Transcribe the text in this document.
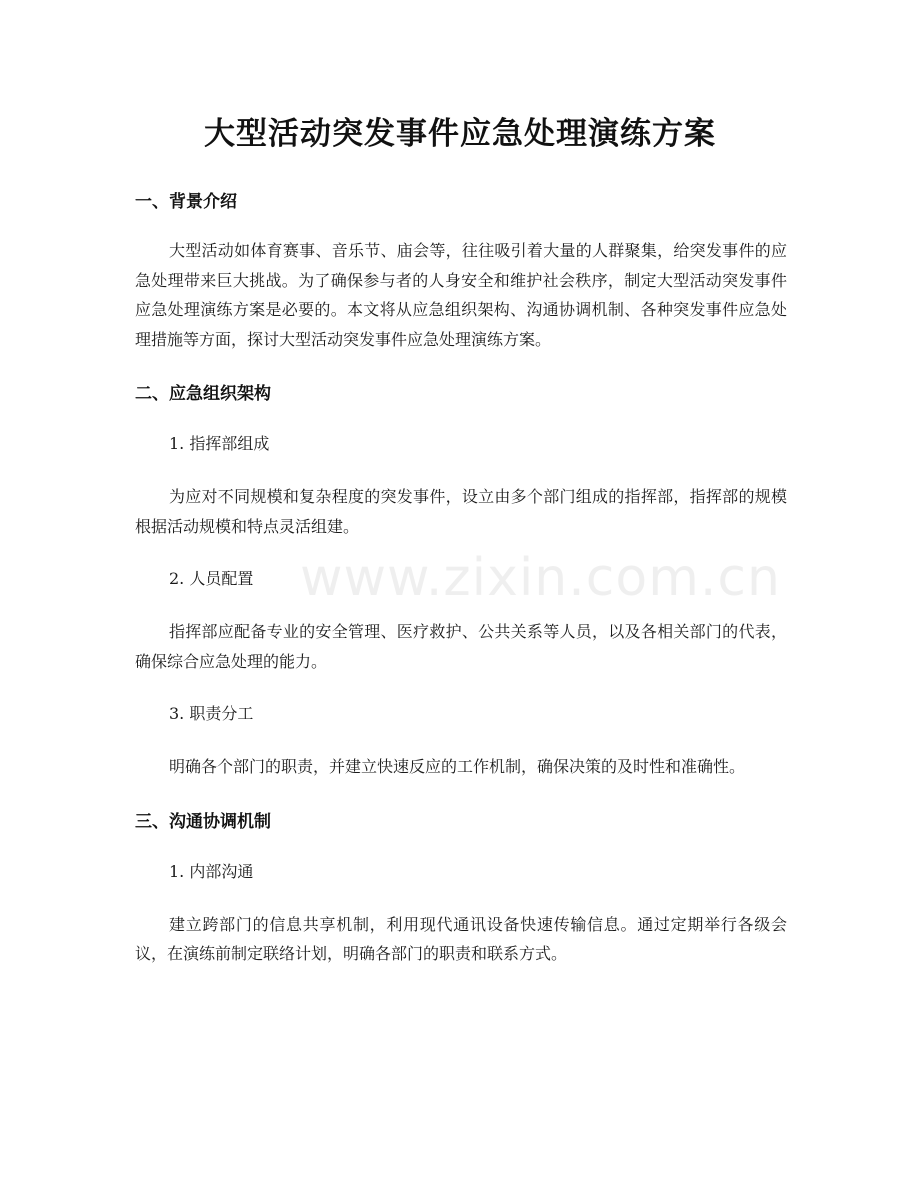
大型活动突发事件应急处理演练方案
www.zixin.com.cn
一、背景介绍

大型活动如体育赛事、音乐节、庙会等，往往吸引着大量的人群聚集，给突发事件的应急处理带来巨大挑战。为了确保参与者的人身安全和维护社会秩序，制定大型活动突发事件应急处理演练方案是必要的。本文将从应急组织架构、沟通协调机制、各种突发事件应急处理措施等方面，探讨大型活动突发事件应急处理演练方案。

二、应急组织架构
1. 指挥部组成

为应对不同规模和复杂程度的突发事件，设立由多个部门组成的指挥部，指挥部的规模根据活动规模和特点灵活组建。

2. 人员配置

指挥部应配备专业的安全管理、医疗救护、公共关系等人员，以及各相关部门的代表，确保综合应急处理的能力。

3. 职责分工

明确各个部门的职责，并建立快速反应的工作机制，确保决策的及时性和准确性。

三、沟通协调机制
1. 内部沟通

建立跨部门的信息共享机制，利用现代通讯设备快速传输信息。通过定期举行各级会议，在演练前制定联络计划，明确各部门的职责和联系方式。
